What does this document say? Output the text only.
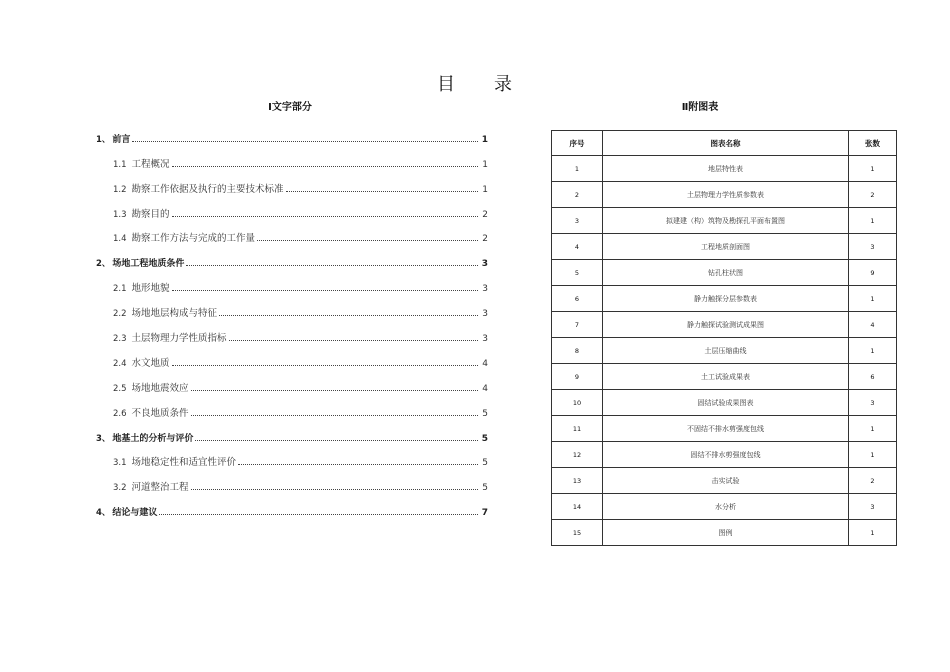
目　　录
Ⅰ文字部分	Ⅱ附图表
1、 前言	1
1.1 工程概况	1
1.2 勘察工作依据及执行的主要技术标准	1
1.3 勘察目的	2
1.4 勘察工作方法与完成的工作量	2
2、 场地工程地质条件	3
2.1 地形地貌	3
2.2 场地地层构成与特征	3
2.3 土层物理力学性质指标	3
2.4 水文地质	4
2.5 场地地震效应	4
2.6 不良地质条件	5
3、 地基土的分析与评价	5
3.1 场地稳定性和适宜性评价	5
3.2 河道整治工程	5
4、 结论与建议	7
序号	图表名称	张数
1	地层特性表	1
2	土层物理力学性质参数表	2
3	拟建建（构）筑物及勘探孔平面布置图	1
4	工程地质剖面图	3
5	钻孔柱状图	9
6	静力触探分层参数表	1
7	静力触探试验测试成果图	4
8	土层压缩曲线	1
9	土工试验成果表	6
10	固结试验成果图表	3
11	不固结不排水剪强度包线	1
12	固结不排水剪强度包线	1
13	击实试验	2
14	水分析	3
15	图例	1
